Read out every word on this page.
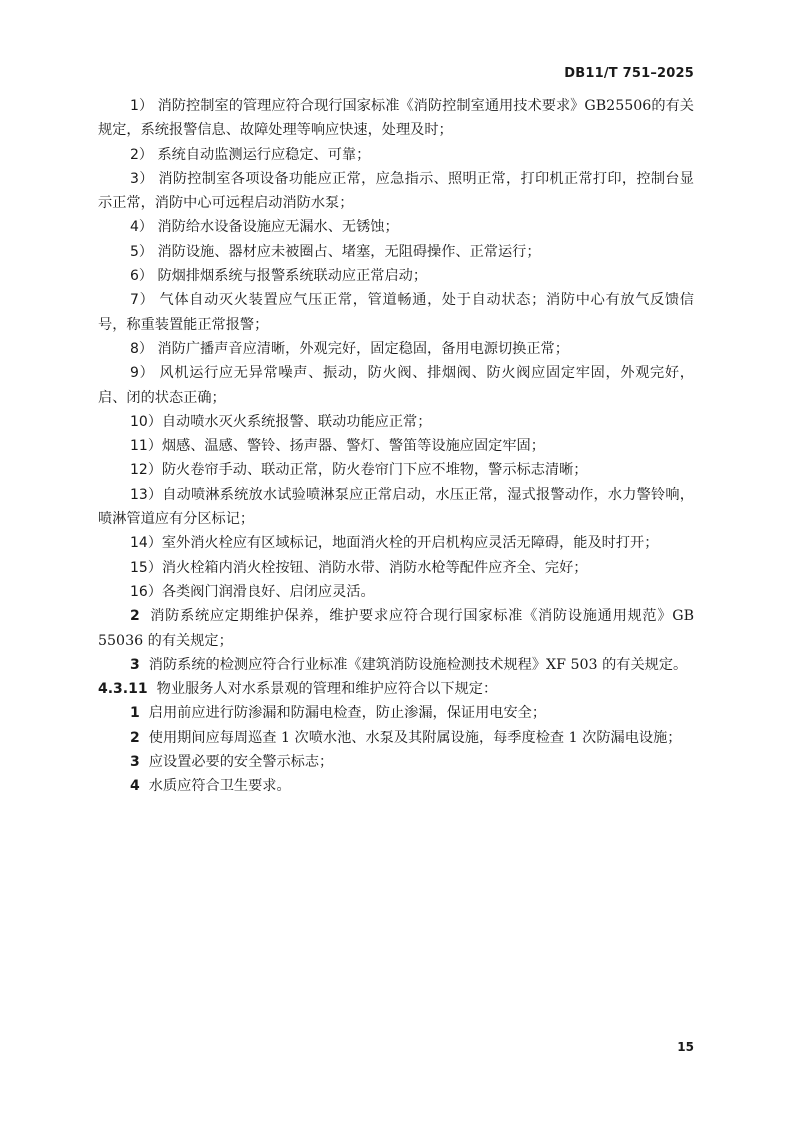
DB11/T 751–2025

1） 消防控制室的管理应符合现行国家标准《消防控制室通用技术要求》GB25506的有关规定，系统报警信息、故障处理等响应快速，处理及时；

2） 系统自动监测运行应稳定、可靠；

3） 消防控制室各项设备功能应正常，应急指示、照明正常，打印机正常打印，控制台显示正常，消防中心可远程启动消防水泵；

4） 消防给水设备设施应无漏水、无锈蚀；

5） 消防设施、器材应未被圈占、堵塞，无阻碍操作、正常运行；

6） 防烟排烟系统与报警系统联动应正常启动；

7） 气体自动灭火装置应气压正常，管道畅通，处于自动状态；消防中心有放气反馈信号，称重装置能正常报警；

8） 消防广播声音应清晰，外观完好，固定稳固，备用电源切换正常；

9） 风机运行应无异常噪声、振动，防火阀、排烟阀、防火阀应固定牢固，外观完好，启、闭的状态正确；

10）自动喷水灭火系统报警、联动功能应正常；

11）烟感、温感、警铃、扬声器、警灯、警笛等设施应固定牢固；

12）防火卷帘手动、联动正常，防火卷帘门下应不堆物，警示标志清晰；

13）自动喷淋系统放水试验喷淋泵应正常启动，水压正常，湿式报警动作，水力警铃响，喷淋管道应有分区标记；

14）室外消火栓应有区域标记，地面消火栓的开启机构应灵活无障碍，能及时打开；

15）消火栓箱内消火栓按钮、消防水带、消防水枪等配件应齐全、完好；

16）各类阀门润滑良好、启闭应灵活。

2 消防系统应定期维护保养，维护要求应符合现行国家标准《消防设施通用规范》GB 55036 的有关规定；

3 消防系统的检测应符合行业标准《建筑消防设施检测技术规程》XF 503 的有关规定。

4.3.11 物业服务人对水系景观的管理和维护应符合以下规定：

1 启用前应进行防渗漏和防漏电检查，防止渗漏，保证用电安全；

2 使用期间应每周巡查 1 次喷水池、水泵及其附属设施，每季度检查 1 次防漏电设施；

3 应设置必要的安全警示标志；

4 水质应符合卫生要求。

15
